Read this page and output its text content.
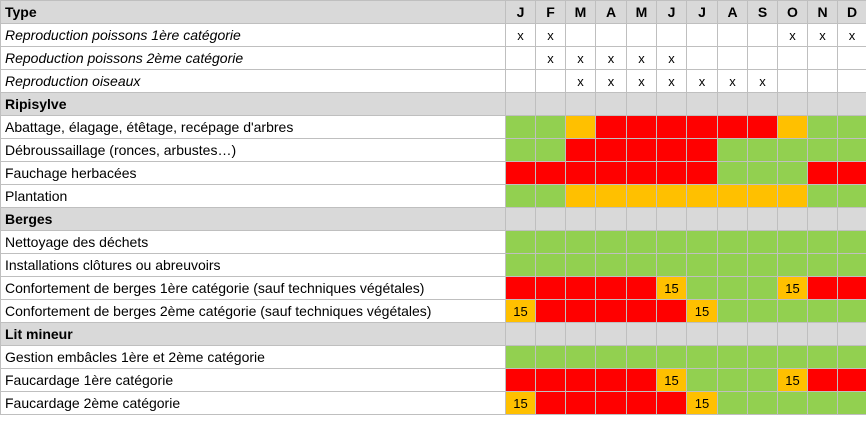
Type	J	F	M	A	M	J	J	A	S	O	N	D
Reproduction poissons 1ère catégorie	x	x								x	x	x
Repoduction poissons 2ème catégorie		x	x	x	x	x						
Reproduction oiseaux			x	x	x	x	x	x	x			
Ripisylve												
Abattage, élagage, étêtage, recépage d'arbres												
Débroussaillage (ronces, arbustes…)												
Fauchage herbacées												
Plantation												
Berges												
Nettoyage des déchets												
Installations clôtures ou abreuvoirs												
Confortement de berges 1ère catégorie (sauf techniques végétales)						15				15		
Confortement de berges 2ème catégorie (sauf techniques végétales)	15						15					
Lit mineur												
Gestion embâcles 1ère et 2ème catégorie												
Faucardage 1ère catégorie						15				15		
Faucardage 2ème catégorie	15						15					
